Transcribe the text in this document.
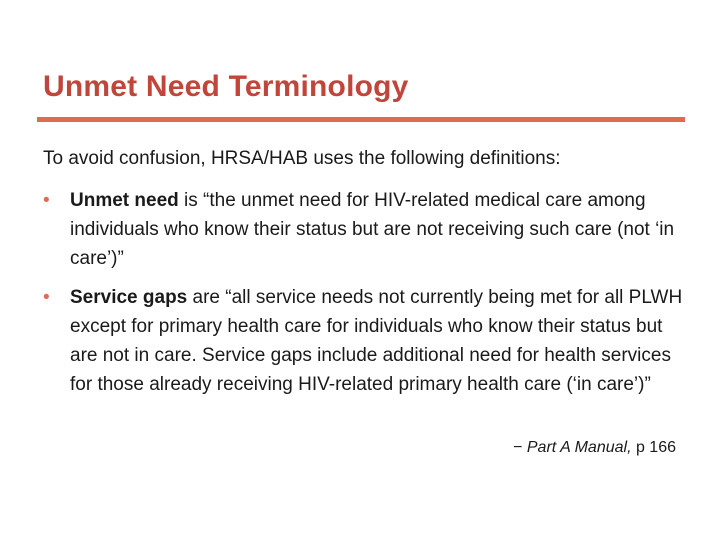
Unmet Need Terminology
To avoid confusion, HRSA/HAB uses the following definitions:
• Unmet need is “the unmet need for HIV-related medical care among individuals who know their status but are not receiving such care (not ‘in care’)”
• Service gaps are “all service needs not currently being met for all PLWH except for primary health care for individuals who know their status but are not in care. Service gaps include additional need for health services for those already receiving HIV-related primary health care (‘in care’)”
− Part A Manual, p 166
